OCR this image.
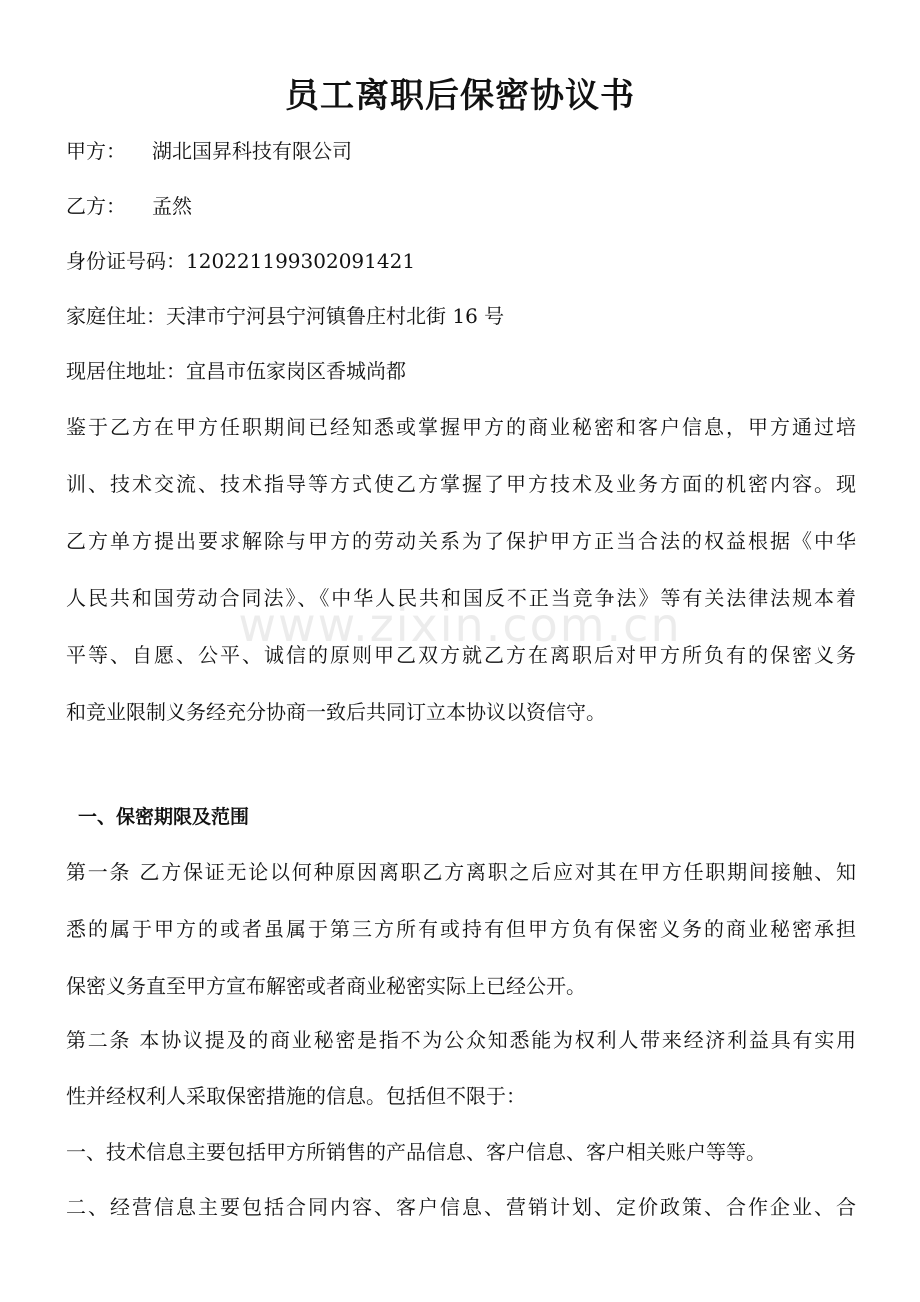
www.zixin.com.cn
员工离职后保密协议书
甲方： 湖北国昇科技有限公司
乙方： 孟然
身份证号码：120221199302091421
家庭住址：天津市宁河县宁河镇鲁庄村北街 16 号
现居住地址：宜昌市伍家岗区香城尚都
鉴于乙方在甲方任职期间已经知悉或掌握甲方的商业秘密和客户信息，甲方通过培
训、技术交流、技术指导等方式使乙方掌握了甲方技术及业务方面的机密内容。现
乙方单方提出要求解除与甲方的劳动关系为了保护甲方正当合法的权益根据《中华
人民共和国劳动合同法》、《中华人民共和国反不正当竞争法》等有关法律法规本着
平等、自愿、公平、诚信的原则甲乙双方就乙方在离职后对甲方所负有的保密义务
和竞业限制义务经充分协商一致后共同订立本协议以资信守。
一、保密期限及范围
第一条 乙方保证无论以何种原因离职乙方离职之后应对其在甲方任职期间接触、知
悉的属于甲方的或者虽属于第三方所有或持有但甲方负有保密义务的商业秘密承担
保密义务直至甲方宣布解密或者商业秘密实际上已经公开。
第二条 本协议提及的商业秘密是指不为公众知悉能为权利人带来经济利益具有实用
性并经权利人采取保密措施的信息。包括但不限于：
一、技术信息主要包括甲方所销售的产品信息、客户信息、客户相关账户等等。
二、经营信息主要包括合同内容、客户信息、营销计划、定价政策、合作企业、合
